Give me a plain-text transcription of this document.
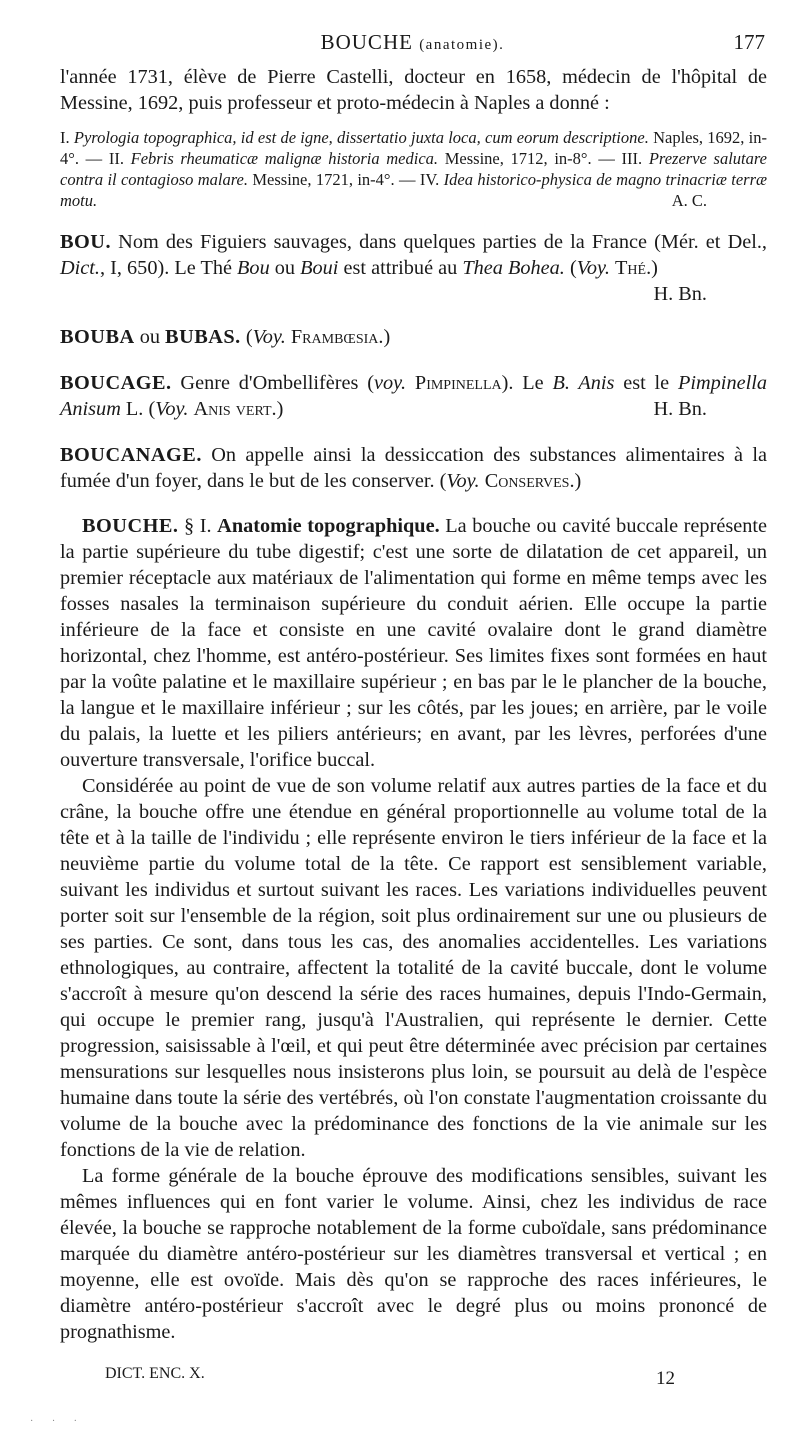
BOUCHE (anatomie).	177

l'année 1731, élève de Pierre Castelli, docteur en 1658, médecin de l'hôpital de Messine, 1692, puis professeur et proto-médecin à Naples a donné :

I. Pyrologia topographica, id est de igne, dissertatio juxta loca, cum eorum descriptione. Naples, 1692, in-4°. — II. Febris rheumaticæ malignæ historia medica. Messine, 1712, in-8°. — III. Prezerve salutare contra il contagioso malare. Messine, 1721, in-4°. — IV. Idea historico-physica de magno trinacriæ terræ motu.	A. C.

BOU. Nom des Figuiers sauvages, dans quelques parties de la France (Mér. et Del., Dict., I, 650). Le Thé Bou ou Boui est attribué au Thea Bohea. (Voy. Thé.)
H. Bn.

BOUBA ou BUBAS. (Voy. Frambœsia.)

BOUCAGE. Genre d'Ombellifères (voy. Pimpinella). Le B. Anis est le Pimpinella Anisum L. (Voy. Anis vert.)	H. Bn.

BOUCANAGE. On appelle ainsi la dessiccation des substances alimentaires à la fumée d'un foyer, dans le but de les conserver. (Voy. Conserves.)

BOUCHE. § I. Anatomie topographique. La bouche ou cavité buccale représente la partie supérieure du tube digestif; c'est une sorte de dilatation de cet appareil, un premier réceptacle aux matériaux de l'alimentation qui forme en même temps avec les fosses nasales la terminaison supérieure du conduit aérien. Elle occupe la partie inférieure de la face et consiste en une cavité ovalaire dont le grand diamètre horizontal, chez l'homme, est antéro-postérieur. Ses limites fixes sont formées en haut par la voûte palatine et le maxillaire supérieur ; en bas par le le plancher de la bouche, la langue et le maxillaire inférieur ; sur les côtés, par les joues; en arrière, par le voile du palais, la luette et les piliers antérieurs; en avant, par les lèvres, perforées d'une ouverture transversale, l'orifice buccal.

Considérée au point de vue de son volume relatif aux autres parties de la face et du crâne, la bouche offre une étendue en général proportionnelle au volume total de la tête et à la taille de l'individu ; elle représente environ le tiers inférieur de la face et la neuvième partie du volume total de la tête. Ce rapport est sensiblement variable, suivant les individus et surtout suivant les races. Les variations individuelles peuvent porter soit sur l'ensemble de la région, soit plus ordinairement sur une ou plusieurs de ses parties. Ce sont, dans tous les cas, des anomalies accidentelles. Les variations ethnologiques, au contraire, affectent la totalité de la cavité buccale, dont le volume s'accroît à mesure qu'on descend la série des races humaines, depuis l'Indo-Germain, qui occupe le premier rang, jusqu'à l'Australien, qui représente le dernier. Cette progression, saisissable à l'œil, et qui peut être déterminée avec précision par certaines mensurations sur lesquelles nous insisterons plus loin, se poursuit au delà de l'espèce humaine dans toute la série des vertébrés, où l'on constate l'augmentation croissante du volume de la bouche avec la prédominance des fonctions de la vie animale sur les fonctions de la vie de relation.

La forme générale de la bouche éprouve des modifications sensibles, suivant les mêmes influences qui en font varier le volume. Ainsi, chez les individus de race élevée, la bouche se rapproche notablement de la forme cuboïdale, sans prédominance marquée du diamètre antéro-postérieur sur les diamètres transversal et vertical ; en moyenne, elle est ovoïde. Mais dès qu'on se rapproche des races inférieures, le diamètre antéro-postérieur s'accroît avec le degré plus ou moins prononcé de prognathisme.

DICT. ENC. X.	12
· · ·
